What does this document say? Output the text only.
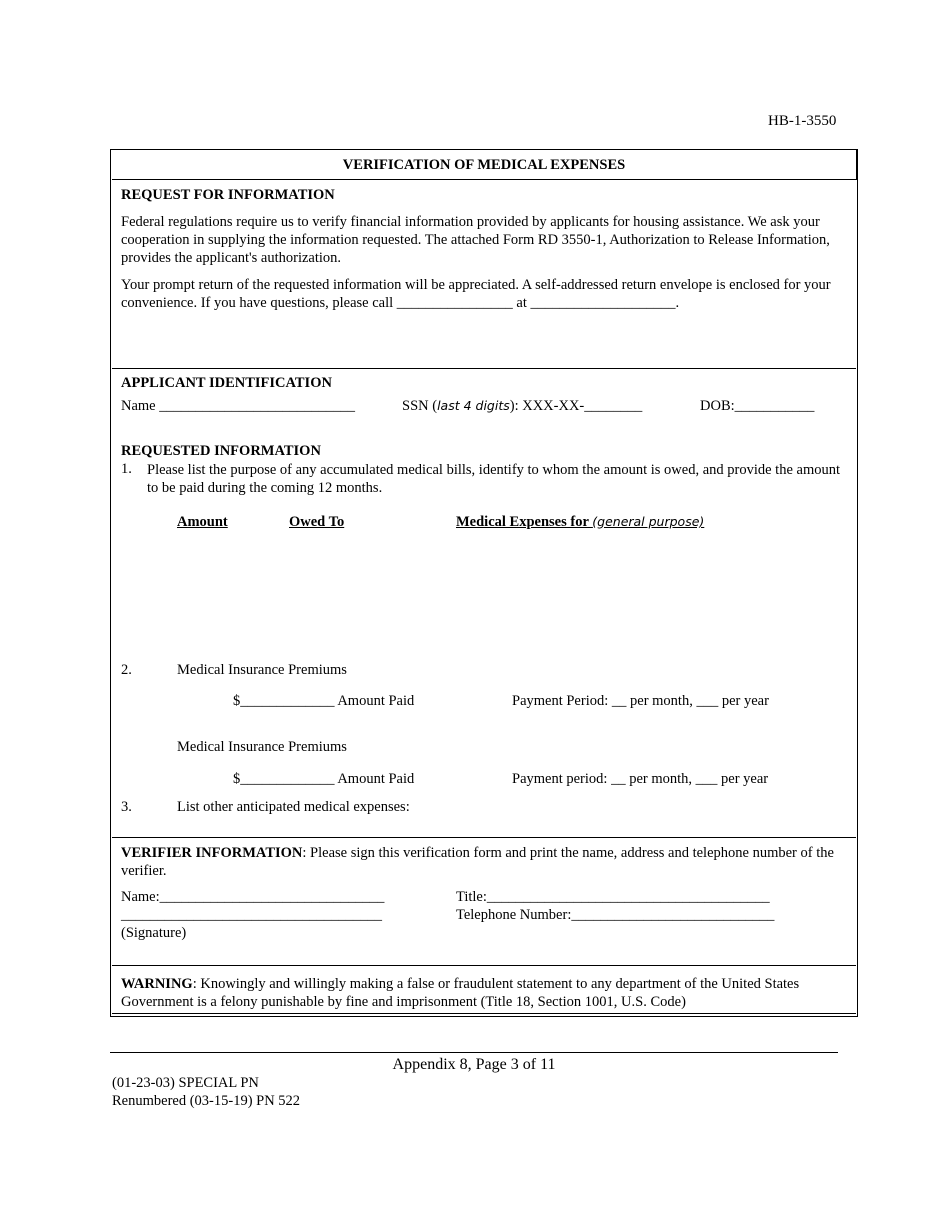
HB-1-3550
VERIFICATION OF MEDICAL EXPENSES
REQUEST FOR INFORMATION
Federal regulations require us to verify financial information provided by applicants for housing assistance. We ask your cooperation in supplying the information requested. The attached Form RD 3550-1, Authorization to Release Information, provides the applicant's authorization.
Your prompt return of the requested information will be appreciated. A self-addressed return envelope is enclosed for your convenience. If you have questions, please call ________________ at ____________________.
APPLICANT IDENTIFICATION
Name ___________________________	SSN (last 4 digits): XXX-XX-________	DOB:___________
REQUESTED INFORMATION
1. Please list the purpose of any accumulated medical bills, identify to whom the amount is owed, and provide the amount to be paid during the coming 12 months.
Amount	Owed To	Medical Expenses for (general purpose)
2.	Medical Insurance Premiums
$_____________ Amount Paid	Payment Period: __ per month, ___ per year
Medical Insurance Premiums
$_____________ Amount Paid	Payment period: __ per month, ___ per year
3.	List other anticipated medical expenses:
VERIFIER INFORMATION: Please sign this verification form and print the name, address and telephone number of the verifier.
Name:_______________________________	Title:_______________________________________
____________________________________	Telephone Number:____________________________
(Signature)
WARNING: Knowingly and willingly making a false or fraudulent statement to any department of the United States Government is a felony punishable by fine and imprisonment (Title 18, Section 1001, U.S. Code)
Appendix 8, Page 3 of 11
(01-23-03) SPECIAL PN
Renumbered (03-15-19) PN 522
